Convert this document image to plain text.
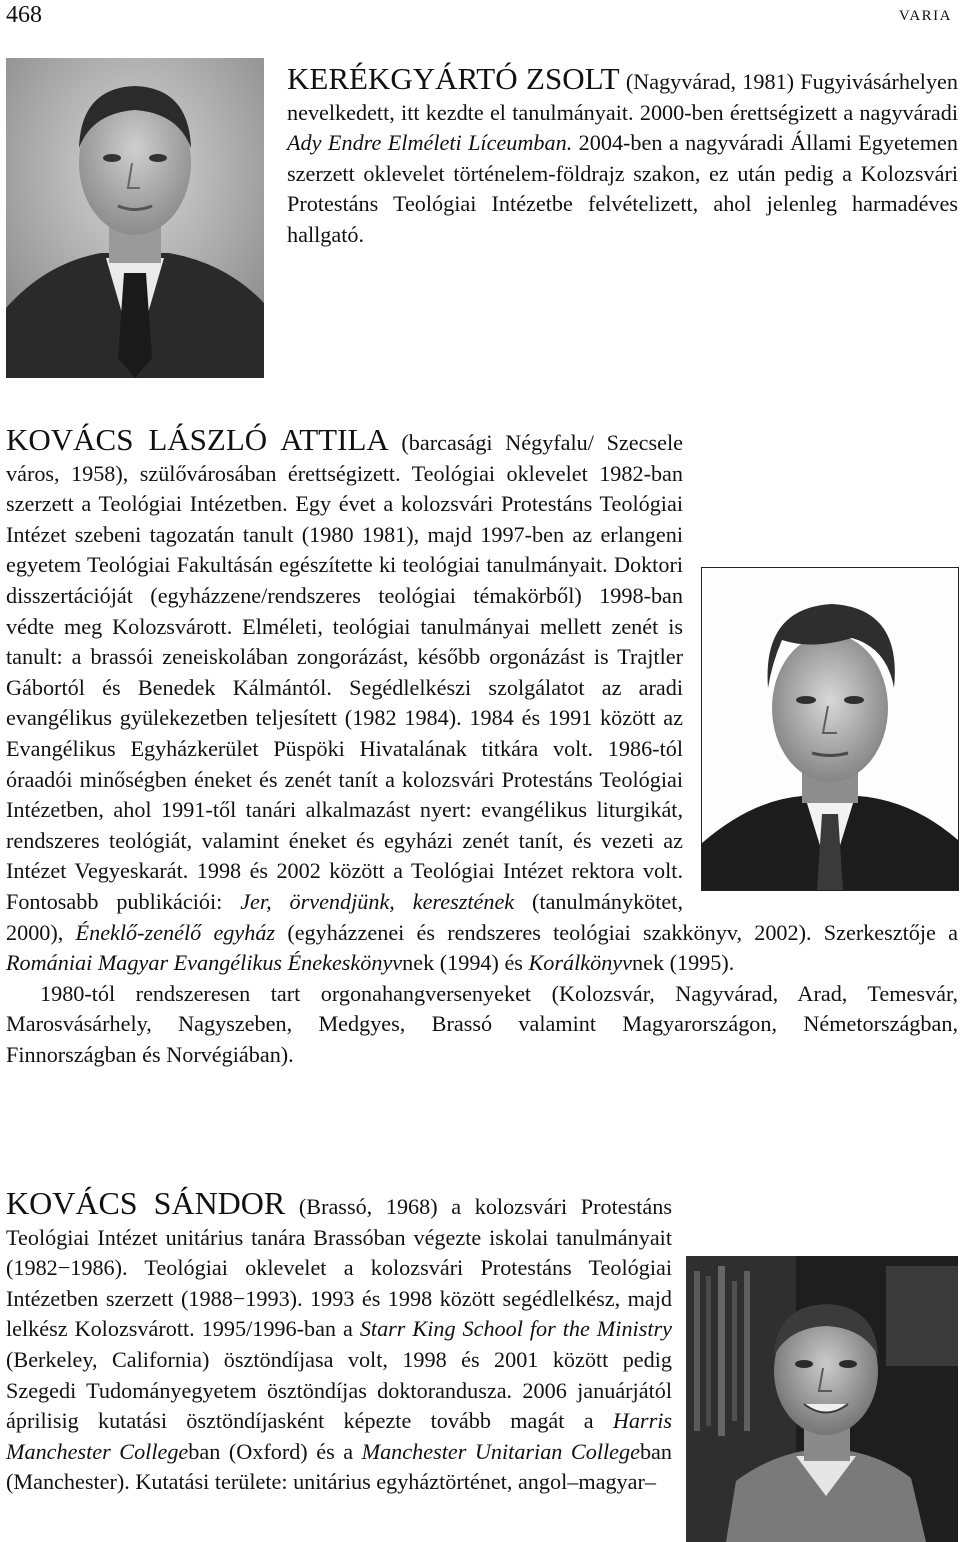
468	VARIA

KERÉKGYÁRTÓ ZSOLT (Nagyvárad, 1981) Fugyivásárhelyen nevelkedett, itt kezdte el tanulmányait. 2000-ben érettségizett a nagyváradi Ady Endre Elméleti Líceumban. 2004-ben a nagyváradi Állami Egyetemen szerzett oklevelet történelem-földrajz szakon, ez után pedig a Kolozsvári Protestáns Teológiai Intézetbe felvételizett, ahol jelenleg harmadéves hallgató.

KOVÁCS LÁSZLÓ ATTILA (barcasági Négyfalu/ Szecsele város, 1958), szülővárosában érettségizett. Teológiai oklevelet 1982-ban szerzett a Teológiai Intézetben. Egy évet a kolozsvári Protestáns Teológiai Intézet szebeni tagozatán tanult (1980 1981), majd 1997-ben az erlangeni egyetem Teológiai Fakultásán egészítette ki teológiai tanulmányait. Doktori disszertációját (egyházzene/rendszeres teológiai témakörből) 1998-ban védte meg Kolozsvárott. Elméleti, teológiai tanulmányai mellett zenét is tanult: a brassói zeneiskolában zongorázást, később orgonázást is Trajtler Gábortól és Benedek Kálmántól. Segédlelkészi szolgálatot az aradi evangélikus gyülekezetben teljesített (1982 1984). 1984 és 1991 között az Evangélikus Egyházkerület Püspöki Hivatalának titkára volt. 1986-tól óraadói minőségben éneket és zenét tanít a kolozsvári Protestáns Teológiai Intézetben, ahol 1991-től tanári alkalmazást nyert: evangélikus liturgikát, rendszeres teológiát, valamint éneket és egyházi zenét tanít, és vezeti az Intézet Vegyeskarát. 1998 és 2002 között a Teológiai Intézet rektora volt. Fontosabb publikációi: Jer, örvendjünk, keresztének (tanulmánykötet, 2000), Éneklő-zenélő egyház (egyházzenei és rendszeres teológiai szakkönyv, 2002). Szerkesztője a Romániai Magyar Evangélikus Énekeskönyvnek (1994) és Korálkönyvnek (1995).

1980-tól rendszeresen tart orgonahangversenyeket (Kolozsvár, Nagyvárad, Arad, Temesvár, Marosvásárhely, Nagyszeben, Medgyes, Brassó valamint Magyarországon, Németországban, Finnországban és Norvégiában).

KOVÁCS SÁNDOR (Brassó, 1968) a kolozsvári Protestáns Teológiai Intézet unitárius tanára Brassóban végezte iskolai tanulmányait (1982−1986). Teológiai oklevelet a kolozsvári Protestáns Teológiai Intézetben szerzett (1988−1993). 1993 és 1998 között segédlelkész, majd lelkész Kolozsvárott. 1995/1996-ban a Starr King School for the Ministry (Berkeley, California) ösztöndíjasa volt, 1998 és 2001 között pedig Szegedi Tudományegyetem ösztöndíjas doktorandusza. 2006 januárjától áprilisig kutatási ösztöndíjasként képezte tovább magát a Harris Manchester Collegeban (Oxford) és a Manchester Unitarian Collegeban (Manchester). Kutatási területe: unitárius egyháztörténet, angol–magyar–
